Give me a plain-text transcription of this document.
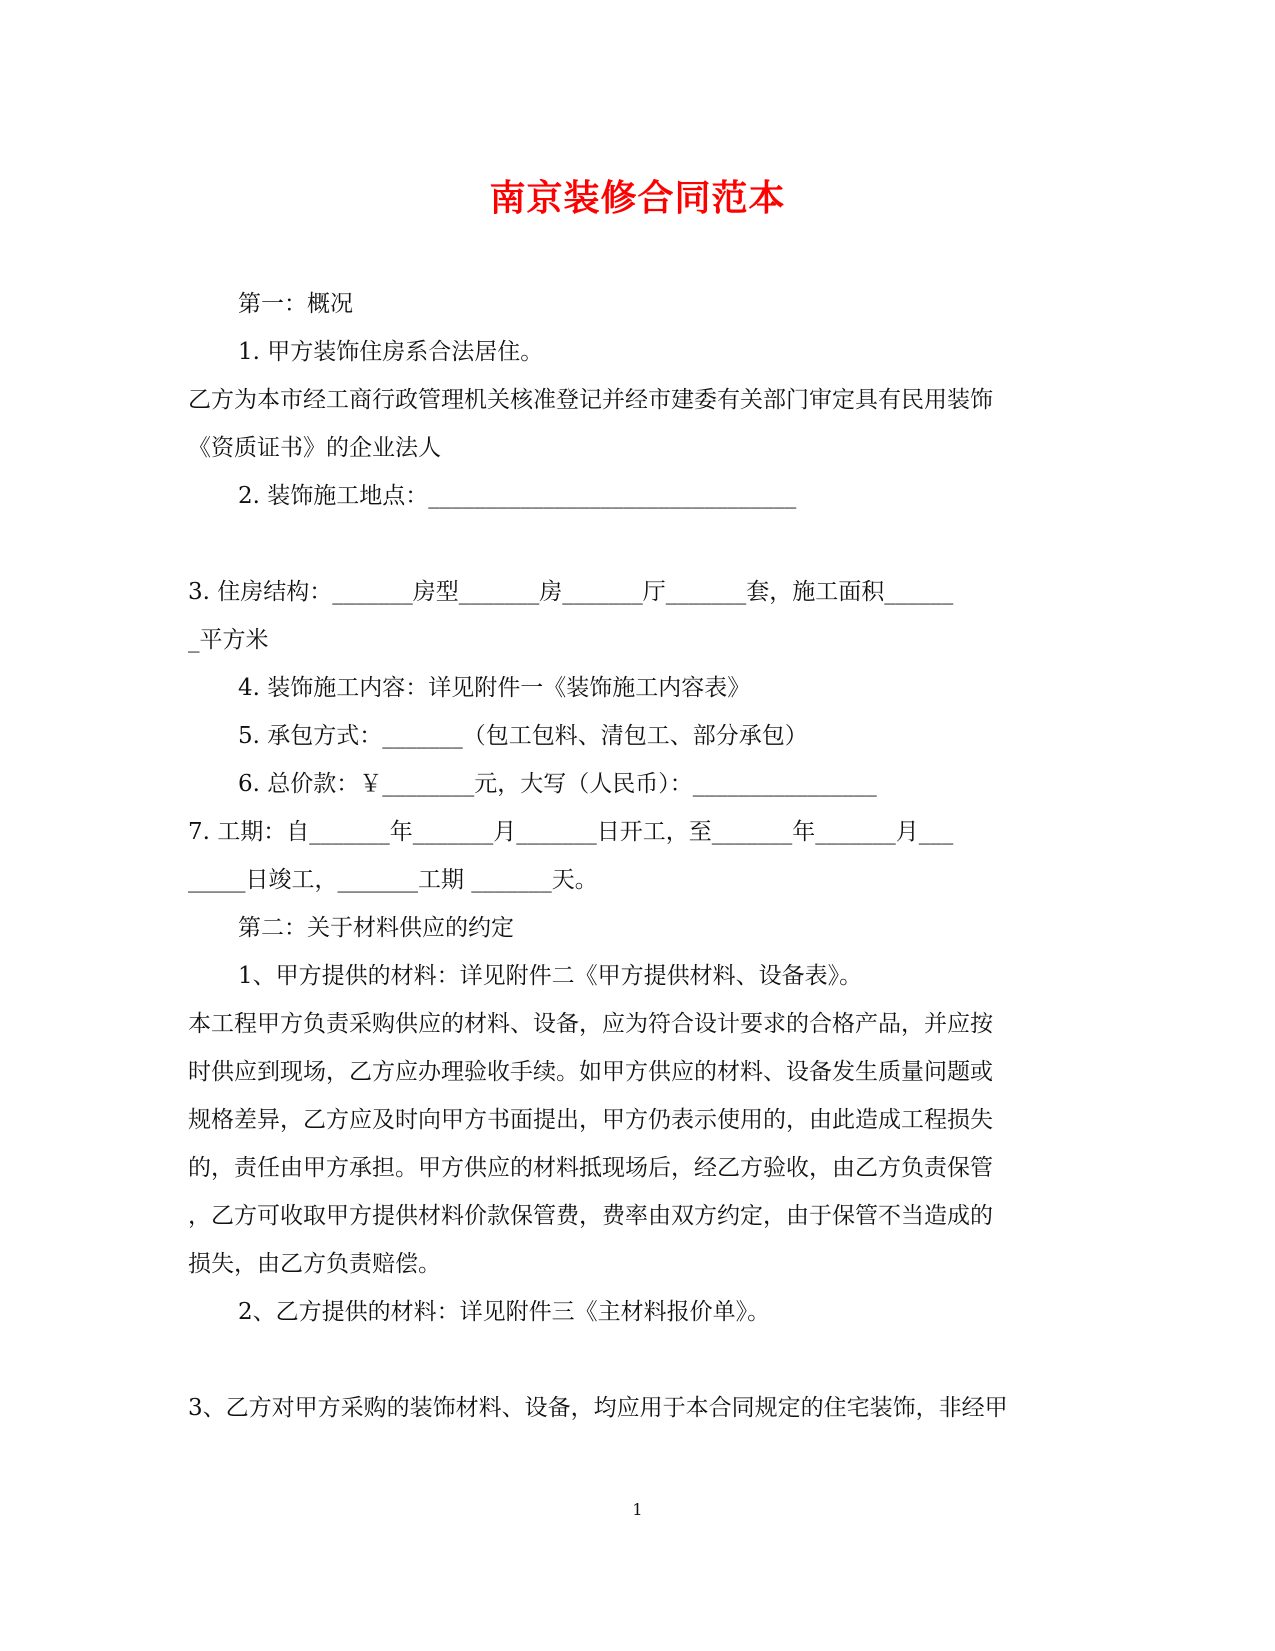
南京装修合同范本
第一：概况
1. 甲方装饰住房系合法居住。
乙方为本市经工商行政管理机关核准登记并经市建委有关部门审定具有民用装饰
《资质证书》的企业法人
2. 装饰施工地点：________________________________
3. 住房结构：_______房型_______房_______厅_______套，施工面积______
_平方米
4. 装饰施工内容：详见附件一《装饰施工内容表》
5. 承包方式：_______（包工包料、清包工、部分承包）
6. 总价款：￥________元，大写（人民币）：________________
7. 工期：自_______年_______月_______日开工，至_______年_______月___
_____日竣工，_______工期 _______天。
第二：关于材料供应的约定
1、甲方提供的材料：详见附件二《甲方提供材料、设备表》。
本工程甲方负责采购供应的材料、设备，应为符合设计要求的合格产品，并应按
时供应到现场，乙方应办理验收手续。如甲方供应的材料、设备发生质量问题或
规格差异，乙方应及时向甲方书面提出，甲方仍表示使用的，由此造成工程损失
的，责任由甲方承担。甲方供应的材料抵现场后，经乙方验收，由乙方负责保管
，乙方可收取甲方提供材料价款保管费，费率由双方约定，由于保管不当造成的
损失，由乙方负责赔偿。
2、乙方提供的材料：详见附件三《主材料报价单》。
3、乙方对甲方采购的装饰材料、设备，均应用于本合同规定的住宅装饰，非经甲
1
